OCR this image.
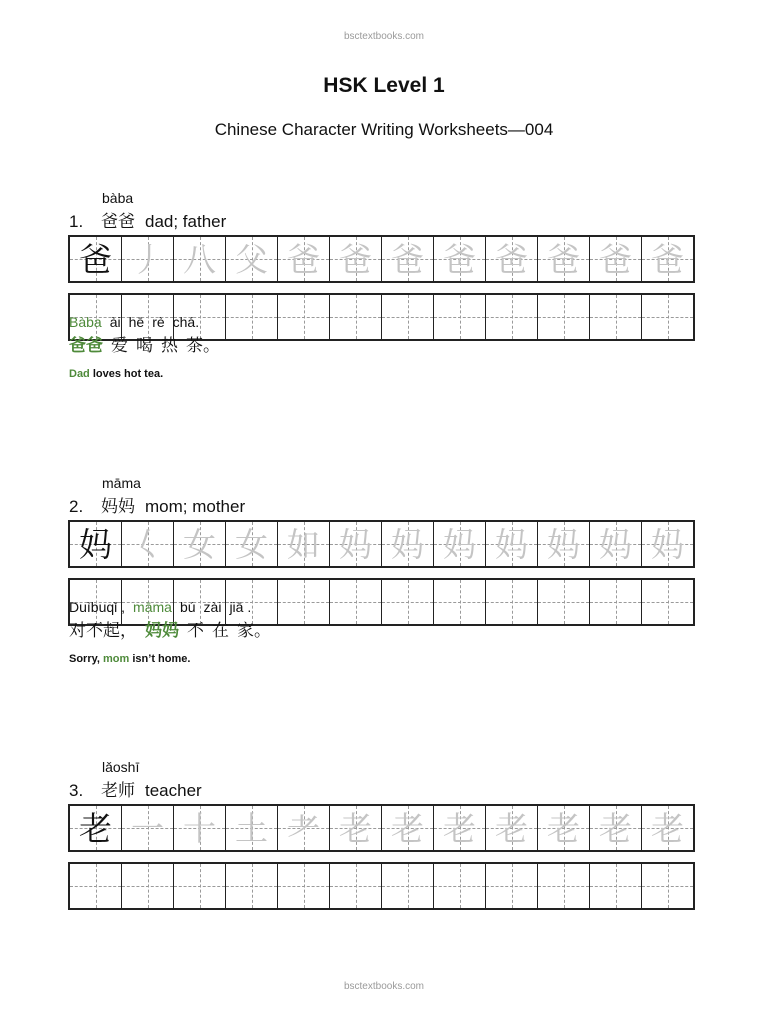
bsctextbooks.com
HSK Level 1
Chinese Character Writing Worksheets—004
bàba
1. 爸爸 dad; father
爸 丿 八 父 爸 爸 爸 爸 爸 爸 爸 爸
Bàba ài hē rè chá.
爸爸 爱 喝 热 茶。
Dad loves hot tea.
māma
2. 妈妈 mom; mother
妈 𡿨 女 女 如 妈 妈 妈 妈 妈 妈 妈
Duìbuqǐ , māma bú zài jiā .
对不起， 妈妈 不 在 家。
Sorry, mom isn’t home.
lǎoshī
3. 老师 teacher
老 一 十 土 耂 老 老 老 老 老 老 老
bsctextbooks.com
